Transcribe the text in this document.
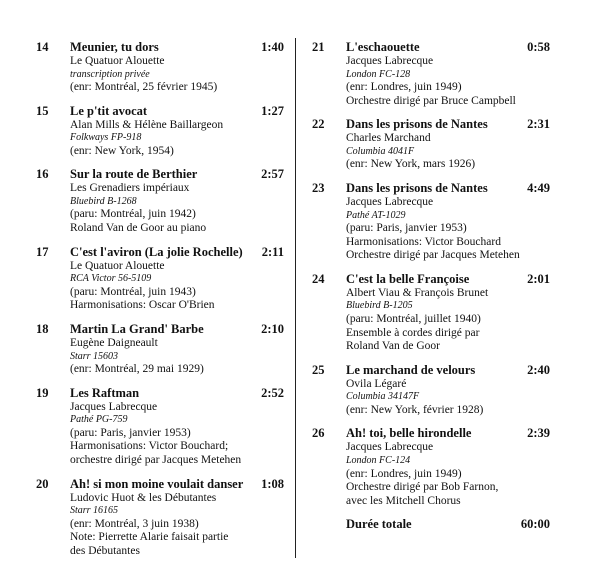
14	Meunier, tu dors	1:40
Le Quatuor Alouette
transcription privée
(enr: Montréal, 25 février 1945)
15	Le p'tit avocat	1:27
Alan Mills & Hélène Baillargeon
Folkways FP-918
(enr: New York, 1954)
16	Sur la route de Berthier	2:57
Les Grenadiers impériaux
Bluebird B-1268
(paru: Montréal, juin 1942)
Roland Van de Goor au piano
17	C'est l'aviron (La jolie Rochelle)	2:11
Le Quatuor Alouette
RCA Victor 56-5109
(paru: Montréal, juin 1943)
Harmonisations: Oscar O'Brien
18	Martin La Grand' Barbe	2:10
Eugène Daigneault
Starr 15603
(enr: Montréal, 29 mai 1929)
19	Les Raftman	2:52
Jacques Labrecque
Pathé PG-759
(paru: Paris, janvier 1953)
Harmonisations: Victor Bouchard;
orchestre dirigé par Jacques Metehen
20	Ah! si mon moine voulait danser	1:08
Ludovic Huot & les Débutantes
Starr 16165
(enr: Montréal, 3 juin 1938)
Note: Pierrette Alarie faisait partie
des Débutantes
21	L'eschaouette	0:58
Jacques Labrecque
London FC-128
(enr: Londres, juin 1949)
Orchestre dirigé par Bruce Campbell
22	Dans les prisons de Nantes	2:31
Charles Marchand
Columbia 4041F
(enr: New York, mars 1926)
23	Dans les prisons de Nantes	4:49
Jacques Labrecque
Pathé AT-1029
(paru: Paris, janvier 1953)
Harmonisations: Victor Bouchard
Orchestre dirigé par Jacques Metehen
24	C'est la belle Françoise	2:01
Albert Viau & François Brunet
Bluebird B-1205
(paru: Montréal, juillet 1940)
Ensemble à cordes dirigé par
Roland Van de Goor
25	Le marchand de velours	2:40
Ovila Légaré
Columbia 34147F
(enr: New York, février 1928)
26	Ah! toi, belle hirondelle	2:39
Jacques Labrecque
London FC-124
(enr: Londres, juin 1949)
Orchestre dirigé par Bob Farnon,
avec les Mitchell Chorus
Durée totale	60:00
